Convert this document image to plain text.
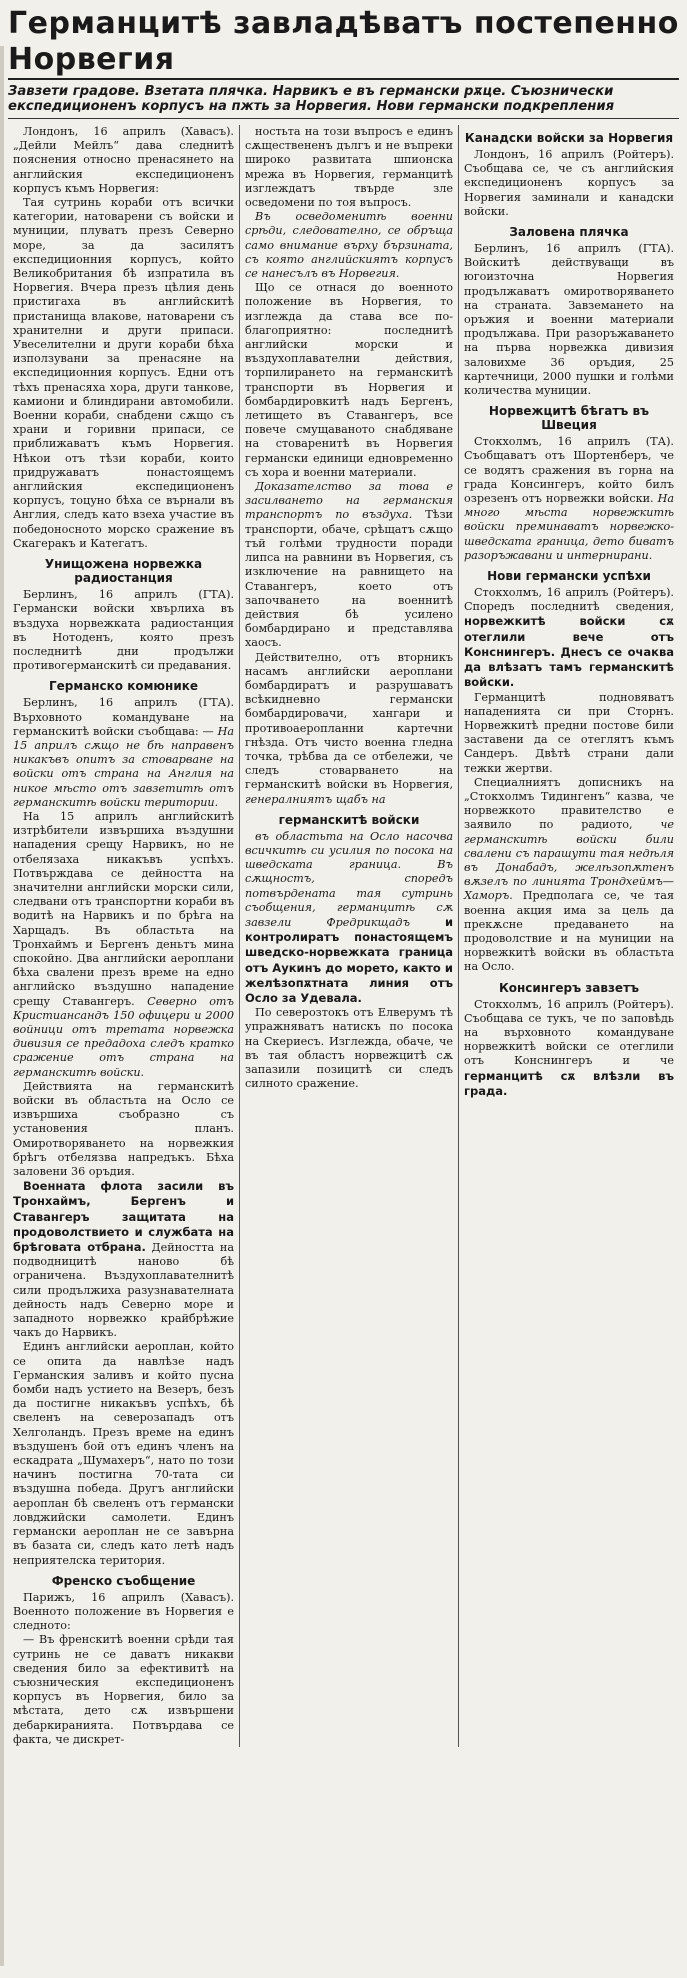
Германцитѣ завладѣватъ постепенно Норвегия
Завзети градове. Взетата плячка. Нарвикъ е въ германски рѫце. Съюзнически експедиционенъ корпусъ на пжть за Норвегия. Нови германски подкрепления

Лондонъ, 16 априлъ (Хавасъ). „Дейли Мейлъ“ дава следнитѣ пояснения относно пренасянето на английския експедиционенъ корпусъ къмъ Норвегия:

Тая сутринь кораби отъ всички категории, натоварени съ войски и муниции, плуватъ презъ Северно море, за да засилятъ експедиционния корпусъ, който Великобритания бѣ изпратила въ Норвегия. Вчера презъ цѣлия день пристигахa въ английскитѣ пристанища влакове, натоварени съ хранителни и други припаси. Увеселителни и други кораби бѣха използувани за пренасяне на експедиционния корпусъ. Едни отъ тѣхъ пренасяха хора, други танкове, камиони и блиндирани автомобили. Военни кораби, снабдени сѫщо съ храни и горивни припаси, се приближаватъ къмъ Норвегия. Нѣкои отъ тѣзи кораби, които придружаватъ понастоящемъ английския експедиционенъ корпусъ, тоцуно бѣха се върнали въ Англия, следъ като взеха участие въ победоносното морско сражение въ Скагеракъ и Категатъ.

Унищожена норвежка радиостанция

Берлинъ, 16 априлъ (ГТА). Германски войски хвърлиха въ въздуха норвежката радиостанция въ Нотоденъ, която презъ последнитѣ дни продължи противогерманскитѣ си предавания.

Германско комюнике

Берлинъ, 16 априлъ (ГТА). Върховното командуване на германскитѣ войски съобщава: — На 15 априлъ сѫщо не бѣ направенъ никакъвъ опитъ за стоварване на войски отъ страна на Англия на никое мѣсто отъ завзетитѣ отъ германскитѣ войски територии.

На 15 априлъ английскитѣ изтрѣбители извършиха въздушни нападения срещу Нарвикъ, но не отбелязаха никакъвъ успѣхъ. Потвърждава се дейността на значителни английски морски сили, следвани отъ транспортни кораби въ водитѣ на Нарвикъ и по брѣга на Харщадъ. Въ областьта на Тронхаймъ и Бергенъ деньтъ мина спокойно. Два английски аероплани бѣха свалени презъ време на едно английско въздушно нападение срещу Ставангеръ. Северно отъ Кристиансандъ 150 офицери и 2000 войници отъ третата норвежка дивизия се предадоха следъ кратко сражение отъ страна на германскитѣ войски.

Действията на германскитѣ войски въ областьта на Осло се извършиха съобразно съ установения планъ. Омиротворяването на норвежкия брѣгъ отбелязва напредъкъ. Бѣха заловени 36 оръдия.

Военната флота засили въ Тронхаймъ, Бергенъ и Ставангеръ защитата на продоволствието и службата на брѣговата отбрана. Дейността на подводницитѣ наново бѣ ограничена. Въздухоплавателнитѣ сили продължиха разузнавателната дейность надъ Северно море и западното норвежко крайбрѣжие чакъ до Нарвикъ.

Единъ английски аероплан, който се опита да навлѣзе надъ Германския заливъ и който пусна бомби надъ устието на Везеръ, безъ да постигне никакъвъ успѣхъ, бѣ свеленъ на северозападъ отъ Хелголандъ. Презъ време на единъ въздушенъ бой отъ единъ членъ на ескадрата „Шумахеръ“, нато по този начинъ постигна 70-тата си въздушна победа. Другъ английски аероплан бѣ свеленъ отъ германски ловджийски самолети. Единъ германски аероплан не се завърна въ базата си, следъ като летѣ надъ неприятелска територия.

Френско съобщение

Парижъ, 16 априлъ (Хавасъ). Военното положение въ Норвегия е следното:

— Въ френскитѣ военни срѣди тая сутринь не се даватъ никакви сведения било за ефективитѣ на съюзническия експедиционенъ корпусъ въ Норвегия, било за мѣстата, дето сѫ извършени дебаркиранията. Потвърдава се факта, че дискрет-

ностьта на този въпросъ е единъ сѫществененъ дългъ и не въпреки широко развитата шпионска мрежа въ Норвегия, германцитѣ изглеждатъ твърде зле осведомени по тоя въпросъ.

Въ осведоменитѣ военни срѣди, следователно, се обръща само внимание върху бързината, съ която английскиятъ корпусъ се нанесълъ въ Норвегия.

Що се отнася до военното положение въ Норвегия, то изглежда да става все по-благоприятно: последнитѣ английски морски и въздухоплавателни действия, торпилирането на германскитѣ транспорти въ Норвегия и бомбардировкитѣ надъ Бергенъ, летището въ Ставангеръ, все повече смущаваното снабдяване на стоваренитѣ въ Норвегия германски единици едновременно съ хора и военни материали.

Доказателство за това е засилването на германския транспортъ по въздуха. Тѣзи транспорти, обаче, срѣщатъ сѫщо тъй голѣми трудности поради липса на равнини въ Норвегия, съ изключение на равнището на Ставангеръ, което отъ започването на военнитѣ действия бѣ усилено бомбардирано и представлява хаосъ.

Действително, отъ вторникъ насамъ английски аероплани бомбардиратъ и разрушаватъ всѣкидневно германски бомбардировачи, хангари и противоаеропланни картечни гнѣзда. Отъ чисто военна гледна точка, трѣбва да се отбележи, че следъ стоварването на германскитѣ войски въ Норвегия, генералниятъ щабъ на

германскитѣ войски

въ областьта на Осло насочва всичкитѣ си усилия по посока на шведската граница. Въ сѫщностъ, споредъ потвърдената тая сутринь съобщения, германцитѣ сѫ завзели Фредрикщадъ и контролиратъ понастоящемъ шведско-норвежката граница отъ Аукинъ до морето, както и желѣзопѫтната линия отъ Осло за Удевала.

По северозтокъ отъ Елверумъ тѣ упражняватъ натискъ по посока на Скериесъ. Изглежда, обаче, че въ тая областъ норвежцитѣ сѫ запазили позицитѣ си следъ силното сражение.

Канадски войски за Норвегия

Лондонъ, 16 априлъ (Ройтеръ). Съобщава се, че съ английския експедиционенъ корпусъ за Норвегия заминали и канадски войски.

Заловена плячка

Берлинъ, 16 априлъ (ГТА). Войскитѣ действуващи въ югоизточна Норвегия продължаватъ омиротворяването на страната. Завземането на оръжия и военни материали продължава. При разоръжаването на първа норвежка дивизия заловихме 36 оръдия, 25 картечници, 2000 пушки и голѣми количества муниции.

Норвежцитѣ бѣгатъ въ Швеция

Стокхолмъ, 16 априлъ (ТА). Съобщаватъ отъ Шортенберъ, че се водятъ сражения въ горна на града Консингеръ, който билъ озрезенъ отъ норвежки войски. На много мѣста норвежкитѣ войски преминаватъ норвежко-шведската граница, дето биватъ разоръжавани и интернирани.

Нови германски успѣхи

Стокхолмъ, 16 априлъ (Ройтеръ). Споредъ последнитѣ сведения, норвежкитѣ войски сѫ отеглили вече отъ Конснингеръ. Днесъ се очаква да влѣзатъ тамъ германскитѣ войски.

Германцитѣ подновяватъ нападенията си при Сторнъ. Норвежкитѣ предни постове били заставени да се отеглятъ къмъ Сандеръ. Двѣтѣ страни дали тежки жертви.

Специалниятъ дописникъ на „Стокхолмъ Тидингенъ“ казва, че норвежкото правителство е заявило по радиото, че германскитѣ войски били свалени съ парашути тая недѣля въ Донабадъ, желѣзопѫтенъ вѫзелъ по линията Трондхеймъ—Хаморъ. Предполага се, че тая военна акция има за цель да прекѫсне предаването на продоволствие и на муниции на норвежкитѣ войски въ областьта на Осло.

Консингеръ завзетъ

Стокхолмъ, 16 априлъ (Ройтеръ). Съобщава се тукъ, че по заповѣдь на върховното командуване норвежкитѣ войски се отеглили отъ Конснингеръ и че германцитѣ сѫ влѣзли въ града.
